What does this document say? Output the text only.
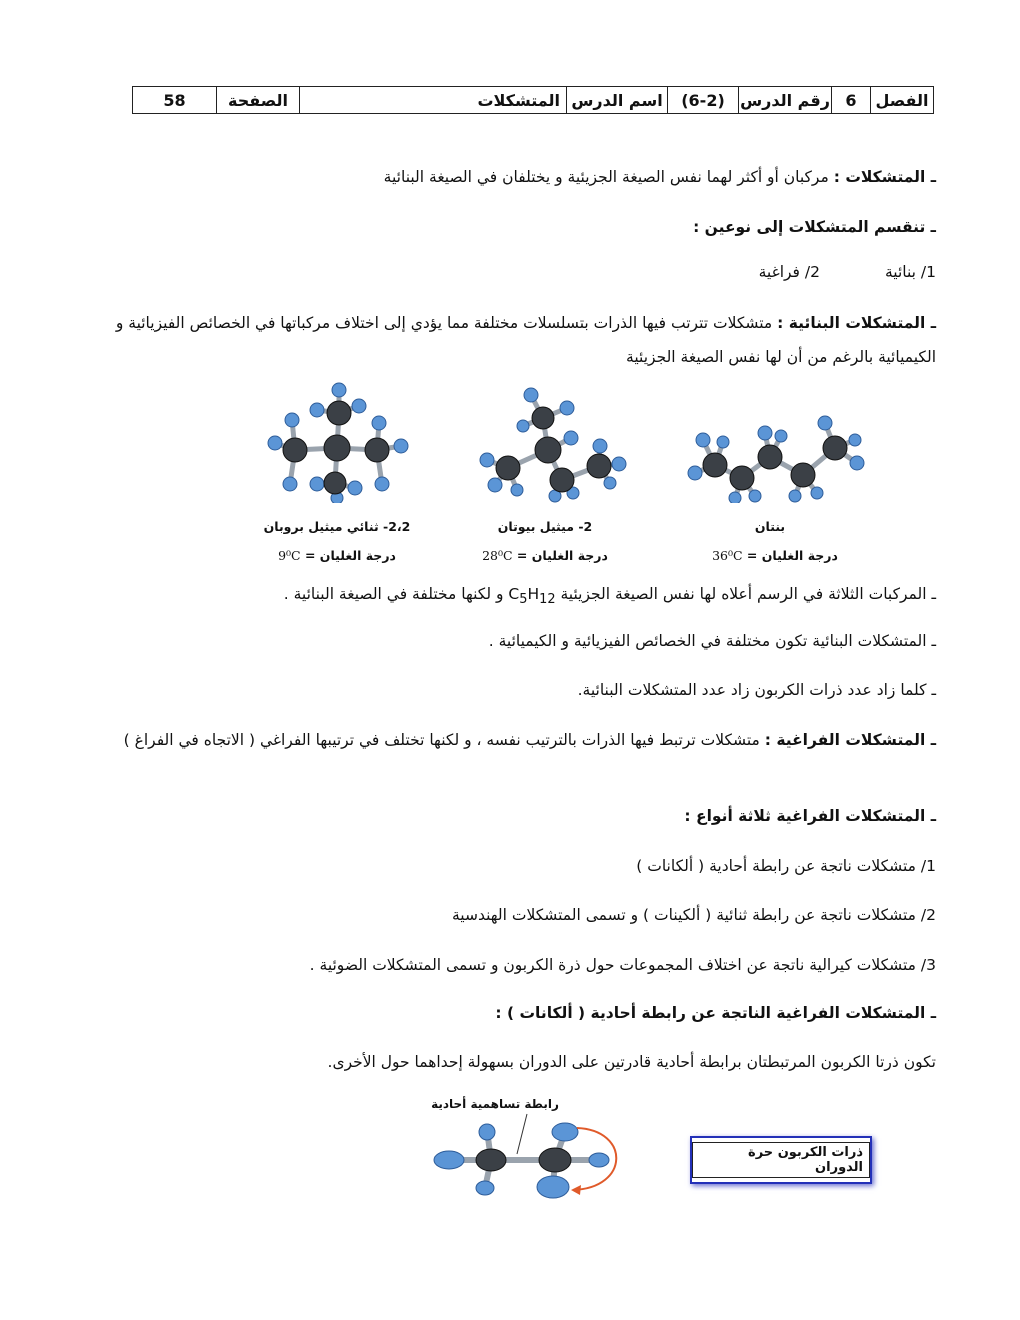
الفصل	6	رقم الدرس	(6-2)	اسم الدرس	المتشكلات	الصفحة	58
ـ المتشكلات : مركبان أو أكثر لهما نفس الصيغة الجزيئية و يختلفان في الصيغة البنائية
ـ تنقسم المتشكلات إلى نوعين :
1/ بنائية
2/ فراغية
ـ المتشكلات البنائية : متشكلات تترتب فيها الذرات بتسلسلات مختلفة مما يؤدي إلى اختلاف مركباتها في الخصائص الفيزيائية و الكيميائية بالرغم من أن لها نفس الصيغة الجزيئية
2،2- ثنائي ميثيل بروبان	2- ميثيل بيوتان	بنتان
درجة الغليان = 9⁰C	درجة الغليان = 28⁰C	درجة الغليان = 36⁰C
ـ المركبات الثلاثة في الرسم أعلاه لها نفس الصيغة الجزيئية $C_5H_{12}$ و لكنها مختلفة في الصيغة البنائية .
ـ المتشكلات البنائية تكون مختلفة في الخصائص الفيزيائية و الكيميائية .
ـ كلما زاد عدد ذرات الكربون زاد عدد المتشكلات البنائية.
ـ المتشكلات الفراغية : متشكلات ترتبط فيها الذرات بالترتيب نفسه ، و لكنها تختلف في ترتيبها الفراغي ( الاتجاه في الفراغ )
ـ المتشكلات الفراغية ثلاثة أنواع :
1/ متشكلات ناتجة عن رابطة أحادية ( ألكانات )
2/ متشكلات ناتجة عن رابطة ثنائية ( ألكينات ) و تسمى المتشكلات الهندسية
3/ متشكلات كيرالية ناتجة عن اختلاف المجموعات حول ذرة الكربون و تسمى المتشكلات الضوئية .
ـ المتشكلات الفراغية الناتجة عن رابطة أحادية ( ألكانات ) :
تكون ذرتا الكربون المرتبطتان برابطة أحادية قادرتين على الدوران بسهولة إحداهما حول الأخرى.
رابطة تساهمية أحادية
ذرات الكربون حرة الدوران
